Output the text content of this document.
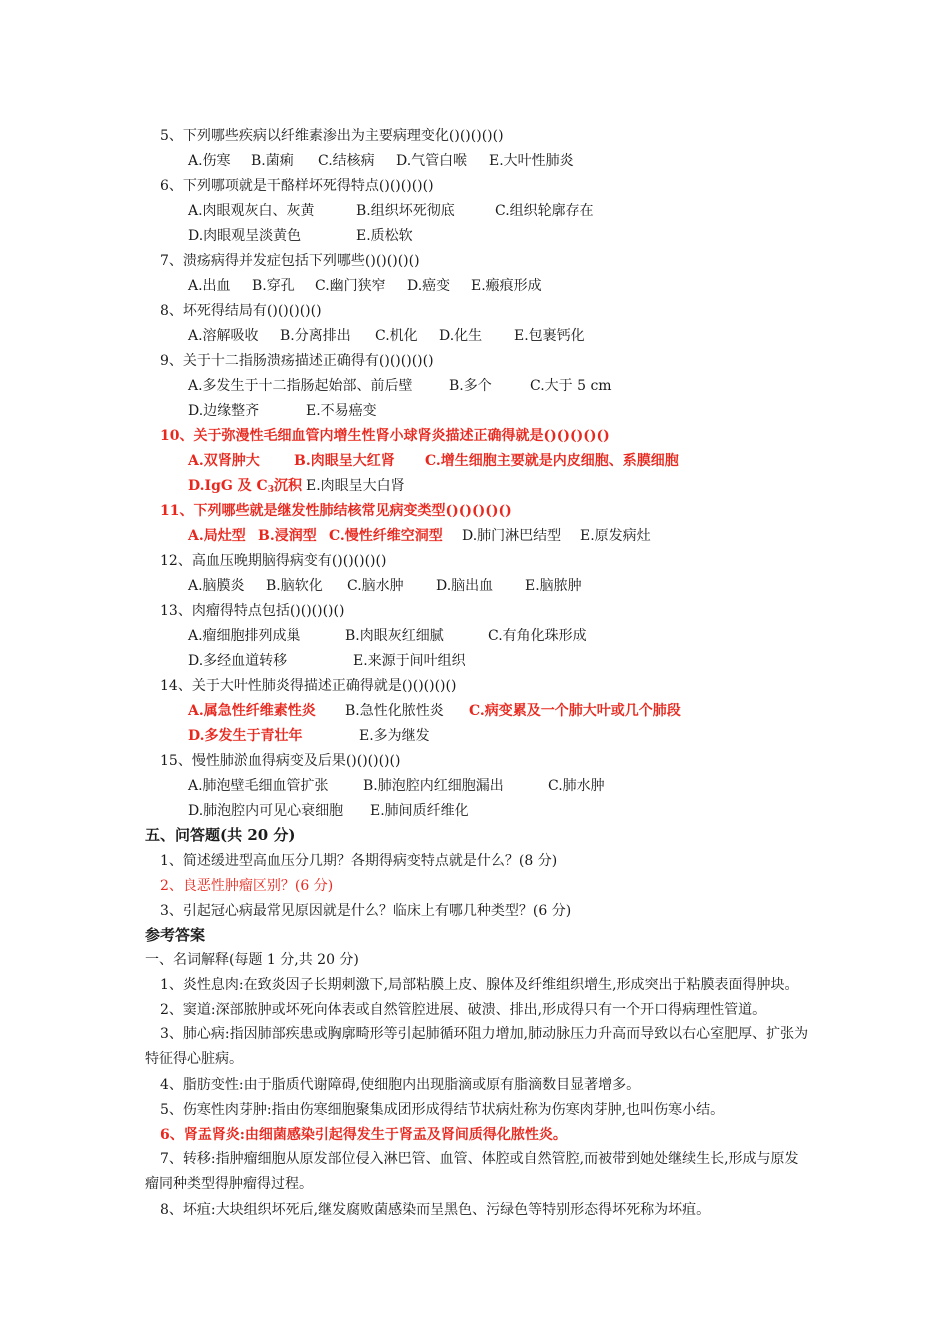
5、下列哪些疾病以纤维素渗出为主要病理变化()()()()()
A.伤寒 B.菌痢 C.结核病 D.气管白喉 E.大叶性肺炎
6、下列哪项就是干酪样坏死得特点()()()()()
A.肉眼观灰白、灰黄	B.组织坏死彻底	C.组织轮廓存在
D.肉眼观呈淡黄色	E.质松软
7、溃疡病得并发症包括下列哪些()()()()()
A.出血 B.穿孔 C.幽门狭窄 D.癌变 E.瘢痕形成
8、坏死得结局有()()()()()
A.溶解吸收 B.分离排出 C.机化 D.化生 E.包裹钙化
9、关于十二指肠溃疡描述正确得有()()()()()
A.多发生于十二指肠起始部、前后壁	B.多个	C.大于 5 cm
D.边缘整齐	E.不易癌变
10、关于弥漫性毛细血管内增生性肾小球肾炎描述正确得就是()()()()()
A.双肾肿大 B.肉眼呈大红肾 C.增生细胞主要就是内皮细胞、系膜细胞
D.IgG 及 $C_3$沉积 E.肉眼呈大白肾
11、下列哪些就是继发性肺结核常见病变类型()()()()()
A.局灶型 B.浸润型 C.慢性纤维空洞型 D.肺门淋巴结型 E.原发病灶
12、高血压晚期脑得病变有()()()()()
A.脑膜炎 B.脑软化 C.脑水肿 D.脑出血 E.脑脓肿
13、肉瘤得特点包括()()()()()
A.瘤细胞排列成巢	B.肉眼灰红细腻	C.有角化珠形成
D.多经血道转移	E.来源于间叶组织
14、关于大叶性肺炎得描述正确得就是()()()()()
A.属急性纤维素性炎 B.急性化脓性炎 C.病变累及一个肺大叶或几个肺段
D.多发生于青壮年	E.多为继发
15、慢性肺淤血得病变及后果()()()()()
A.肺泡壁毛细血管扩张 B.肺泡腔内红细胞漏出	C.肺水肿
D.肺泡腔内可见心衰细胞 E.肺间质纤维化
五、问答题(共 20 分)
1、简述缓进型高血压分几期？各期得病变特点就是什么？(8 分)
2、良恶性肿瘤区别？(6 分)
3、引起冠心病最常见原因就是什么？临床上有哪几种类型？(6 分)
参考答案
一、名词解释(每题 1 分,共 20 分)
1、炎性息肉:在致炎因子长期刺激下,局部粘膜上皮、腺体及纤维组织增生,形成突出于粘膜表面得肿块。
2、窦道:深部脓肿或坏死向体表或自然管腔进展、破溃、排出,形成得只有一个开口得病理性管道。
3、肺心病:指因肺部疾患或胸廓畸形等引起肺循环阻力增加,肺动脉压力升高而导致以右心室肥厚、扩张为特征得心脏病。
4、脂肪变性:由于脂质代谢障碍,使细胞内出现脂滴或原有脂滴数目显著增多。
5、伤寒性肉芽肿:指由伤寒细胞聚集成团形成得结节状病灶称为伤寒肉芽肿,也叫伤寒小结。
6、肾盂肾炎:由细菌感染引起得发生于肾盂及肾间质得化脓性炎。
7、转移:指肿瘤细胞从原发部位侵入淋巴管、血管、体腔或自然管腔,而被带到她处继续生长,形成与原发瘤同种类型得肿瘤得过程。
8、坏疽:大块组织坏死后,继发腐败菌感染而呈黑色、污绿色等特别形态得坏死称为坏疽。
